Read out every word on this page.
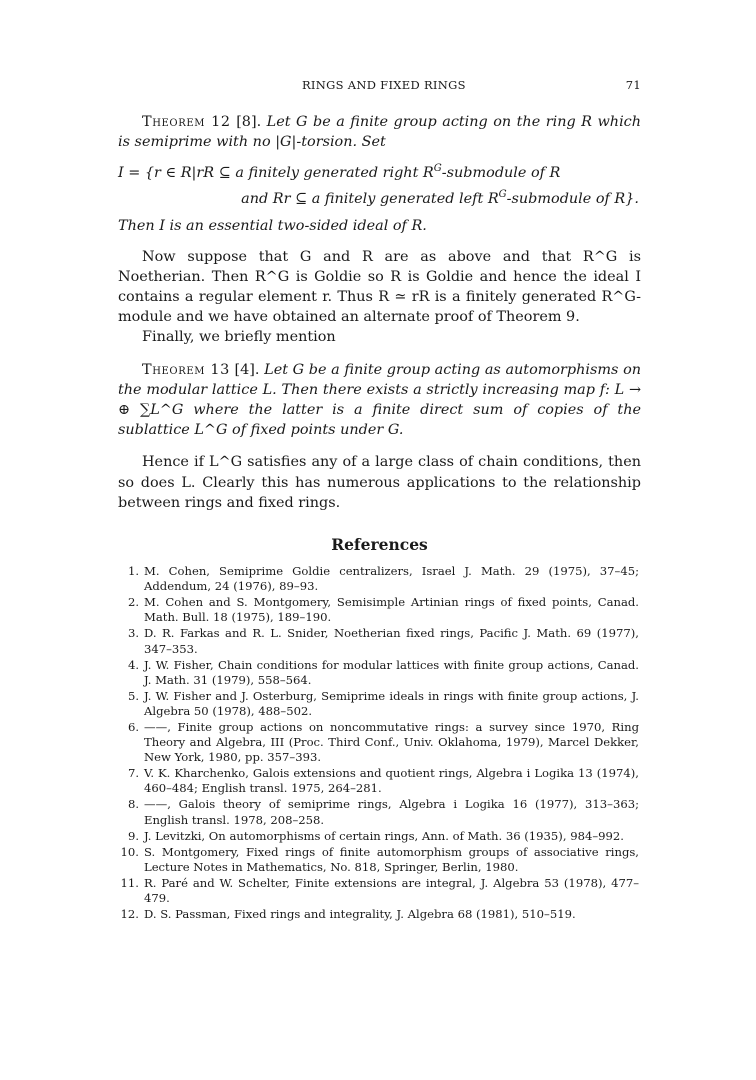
RINGS AND FIXED RINGS	71

Theorem 12 [8]. Let G be a finite group acting on the ring R which is semiprime with no |G|-torsion. Set

I = {r ∈ R|rR ⊆ a finitely generated right $R^G$-submodule of R
and Rr ⊆ a finitely generated left $R^G$-submodule of R}.

Then I is an essential two-sided ideal of R.

Now suppose that G and R are as above and that R^G is Noetherian. Then R^G is Goldie so R is Goldie and hence the ideal I contains a regular element r. Thus R ≃ rR is a finitely generated R^G-module and we have obtained an alternate proof of Theorem 9.

Finally, we briefly mention

Theorem 13 [4]. Let G be a finite group acting as automorphisms on the modular lattice L. Then there exists a strictly increasing map f: L → ⊕ ∑L^G where the latter is a finite direct sum of copies of the sublattice L^G of fixed points under G.

Hence if L^G satisfies any of a large class of chain conditions, then so does L. Clearly this has numerous applications to the relationship between rings and fixed rings.

References
1. M. Cohen, Semiprime Goldie centralizers, Israel J. Math. 29 (1975), 37–45; Addendum, 24 (1976), 89–93.
2. M. Cohen and S. Montgomery, Semisimple Artinian rings of fixed points, Canad. Math. Bull. 18 (1975), 189–190.
3. D. R. Farkas and R. L. Snider, Noetherian fixed rings, Pacific J. Math. 69 (1977), 347–353.
4. J. W. Fisher, Chain conditions for modular lattices with finite group actions, Canad. J. Math. 31 (1979), 558–564.
5. J. W. Fisher and J. Osterburg, Semiprime ideals in rings with finite group actions, J. Algebra 50 (1978), 488–502.
6. ——, Finite group actions on noncommutative rings: a survey since 1970, Ring Theory and Algebra, III (Proc. Third Conf., Univ. Oklahoma, 1979), Marcel Dekker, New York, 1980, pp. 357–393.
7. V. K. Kharchenko, Galois extensions and quotient rings, Algebra i Logika 13 (1974), 460–484; English transl. 1975, 264–281.
8. ——, Galois theory of semiprime rings, Algebra i Logika 16 (1977), 313–363; English transl. 1978, 208–258.
9. J. Levitzki, On automorphisms of certain rings, Ann. of Math. 36 (1935), 984–992.
10. S. Montgomery, Fixed rings of finite automorphism groups of associative rings, Lecture Notes in Mathematics, No. 818, Springer, Berlin, 1980.
11. R. Paré and W. Schelter, Finite extensions are integral, J. Algebra 53 (1978), 477–479.
12. D. S. Passman, Fixed rings and integrality, J. Algebra 68 (1981), 510–519.
